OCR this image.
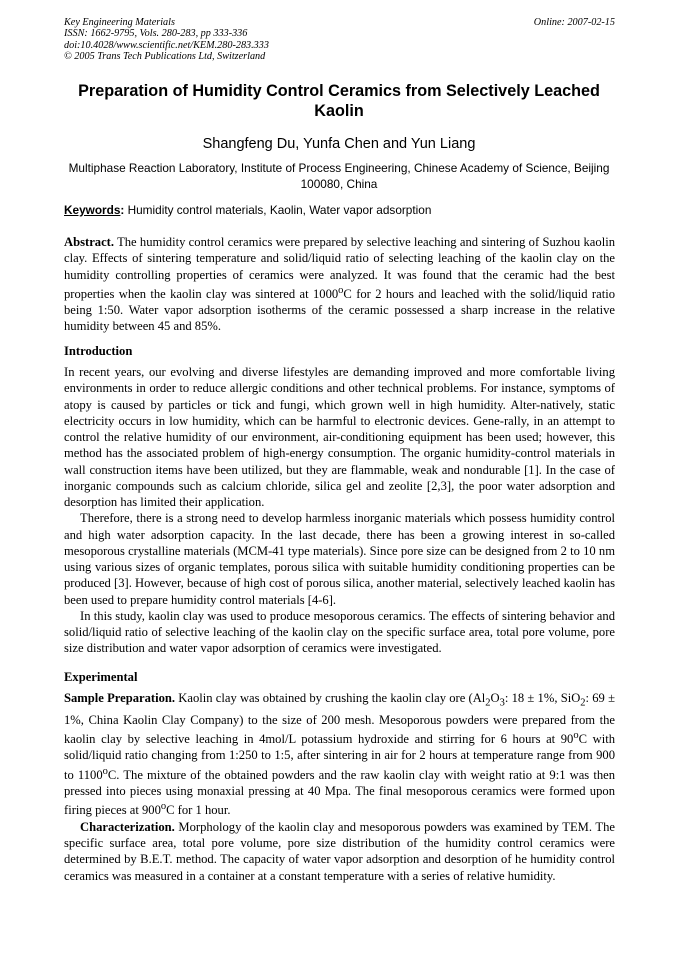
Key Engineering Materials
ISSN: 1662-9795, Vols. 280-283, pp 333-336
doi:10.4028/www.scientific.net/KEM.280-283.333
© 2005 Trans Tech Publications Ltd, Switzerland
Online: 2007-02-15
Preparation of Humidity Control Ceramics from Selectively Leached Kaolin
Shangfeng Du, Yunfa Chen and Yun Liang
Multiphase Reaction Laboratory, Institute of Process Engineering, Chinese Academy of Science, Beijing 100080, China
Keywords: Humidity control materials, Kaolin, Water vapor adsorption

Abstract. The humidity control ceramics were prepared by selective leaching and sintering of Suzhou kaolin clay. Effects of sintering temperature and solid/liquid ratio of selecting leaching of the kaolin clay on the humidity controlling properties of ceramics were analyzed. It was found that the ceramic had the best properties when the kaolin clay was sintered at 1000$^o$C for 2 hours and leached with the solid/liquid ratio being 1:50. Water vapor adsorption isotherms of the ceramic possessed a sharp increase in the relative humidity between 45 and 85%.

Introduction

In recent years, our evolving and diverse lifestyles are demanding improved and more comfortable living environments in order to reduce allergic conditions and other technical problems. For instance, symptoms of atopy is caused by particles or tick and fungi, which grown well in high humidity. Alter-natively, static electricity occurs in low humidity, which can be harmful to electronic devices. Gene-rally, in an attempt to control the relative humidity of our environment, air-conditioning equipment has been used; however, this method has the associated problem of high-energy consumption. The organic humidity-control materials in wall construction items have been utilized, but they are flammable, weak and nondurable [1]. In the case of inorganic compounds such as calcium chloride, silica gel and zeolite [2,3], the poor water adsorption and desorption has limited their application.

Therefore, there is a strong need to develop harmless inorganic materials which possess humidity control and high water adsorption capacity. In the last decade, there has been a growing interest in so-called mesoporous crystalline materials (MCM-41 type materials). Since pore size can be designed from 2 to 10 nm using various sizes of organic templates, porous silica with suitable humidity conditioning properties can be produced [3]. However, because of high cost of porous silica, another material, selectively leached kaolin has been used to prepare humidity control materials [4-6].

In this study, kaolin clay was used to produce mesoporous ceramics. The effects of sintering behavior and solid/liquid ratio of selective leaching of the kaolin clay on the specific surface area, total pore volume, pore size distribution and water vapor adsorption of ceramics were investigated.

Experimental

Sample Preparation. Kaolin clay was obtained by crushing the kaolin clay ore ($Al_2O_3$: 18 ± 1%, SiO$_2$: 69 ± 1%, China Kaolin Clay Company) to the size of 200 mesh. Mesoporous powders were prepared from the kaolin clay by selective leaching in 4mol/L potassium hydroxide and stirring for 6 hours at 90$^o$C with solid/liquid ratio changing from 1:250 to 1:5, after sintering in air for 2 hours at temperature range from 900 to 1100$^o$C. The mixture of the obtained powders and the raw kaolin clay with weight ratio at 9:1 was then pressed into pieces using monaxial pressing at 40 Mpa. The final mesoporous ceramics were formed upon firing pieces at 900$^o$C for 1 hour.

Characterization. Morphology of the kaolin clay and mesoporous powders was examined by TEM. The specific surface area, total pore volume, pore size distribution of the humidity control ceramics were determined by B.E.T. method. The capacity of water vapor adsorption and desorption of he humidity control ceramics was measured in a container at a constant temperature with a series of relative humidity.
